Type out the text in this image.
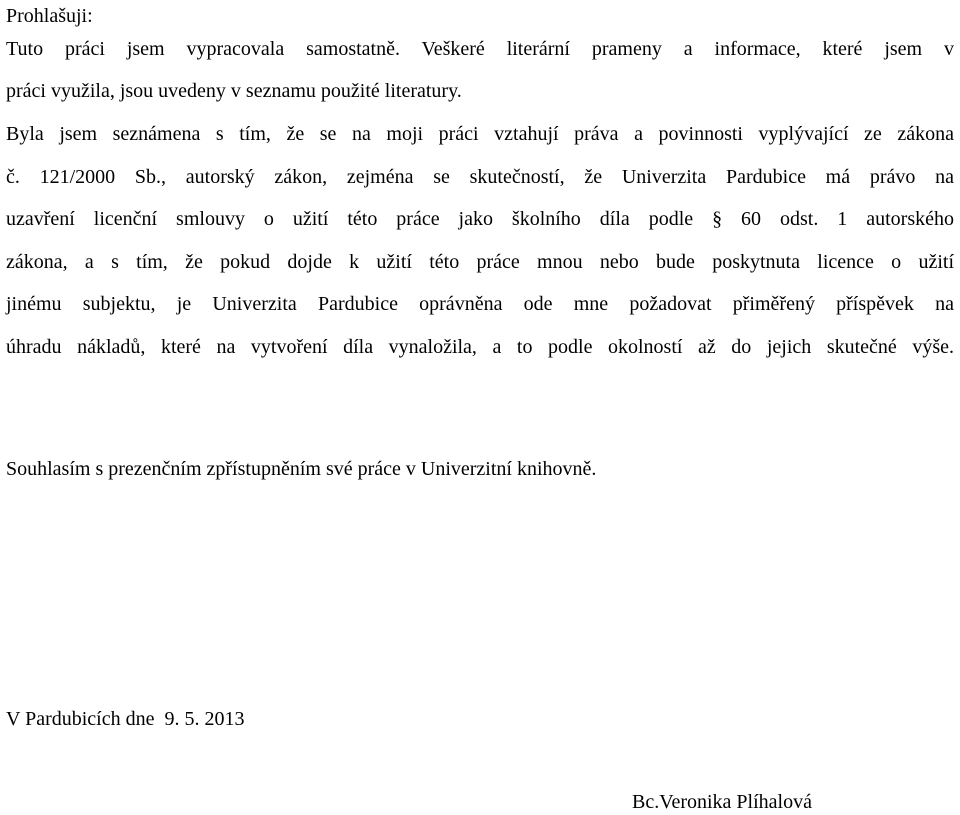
Prohlašuji:
Tuto práci jsem vypracovala samostatně. Veškeré literární prameny a informace, které jsem v
práci využila, jsou uvedeny v seznamu použité literatury.
Byla jsem seznámena s tím, že se na moji práci vztahují práva a povinnosti vyplývající ze zákona
č. 121/2000 Sb., autorský zákon, zejména se skutečností, že Univerzita Pardubice má právo na
uzavření licenční smlouvy o užití této práce jako školního díla podle § 60 odst. 1 autorského
zákona, a s tím, že pokud dojde k užití této práce mnou nebo bude poskytnuta licence o užití
jinému subjektu, je Univerzita Pardubice oprávněna ode mne požadovat přiměřený příspěvek na
úhradu nákladů, které na vytvoření díla vynaložila, a to podle okolností až do jejich skutečné výše.
Souhlasím s prezenčním zpřístupněním své práce v Univerzitní knihovně.
V Pardubicích dne  9. 5. 2013
Bc.Veronika Plíhalová
